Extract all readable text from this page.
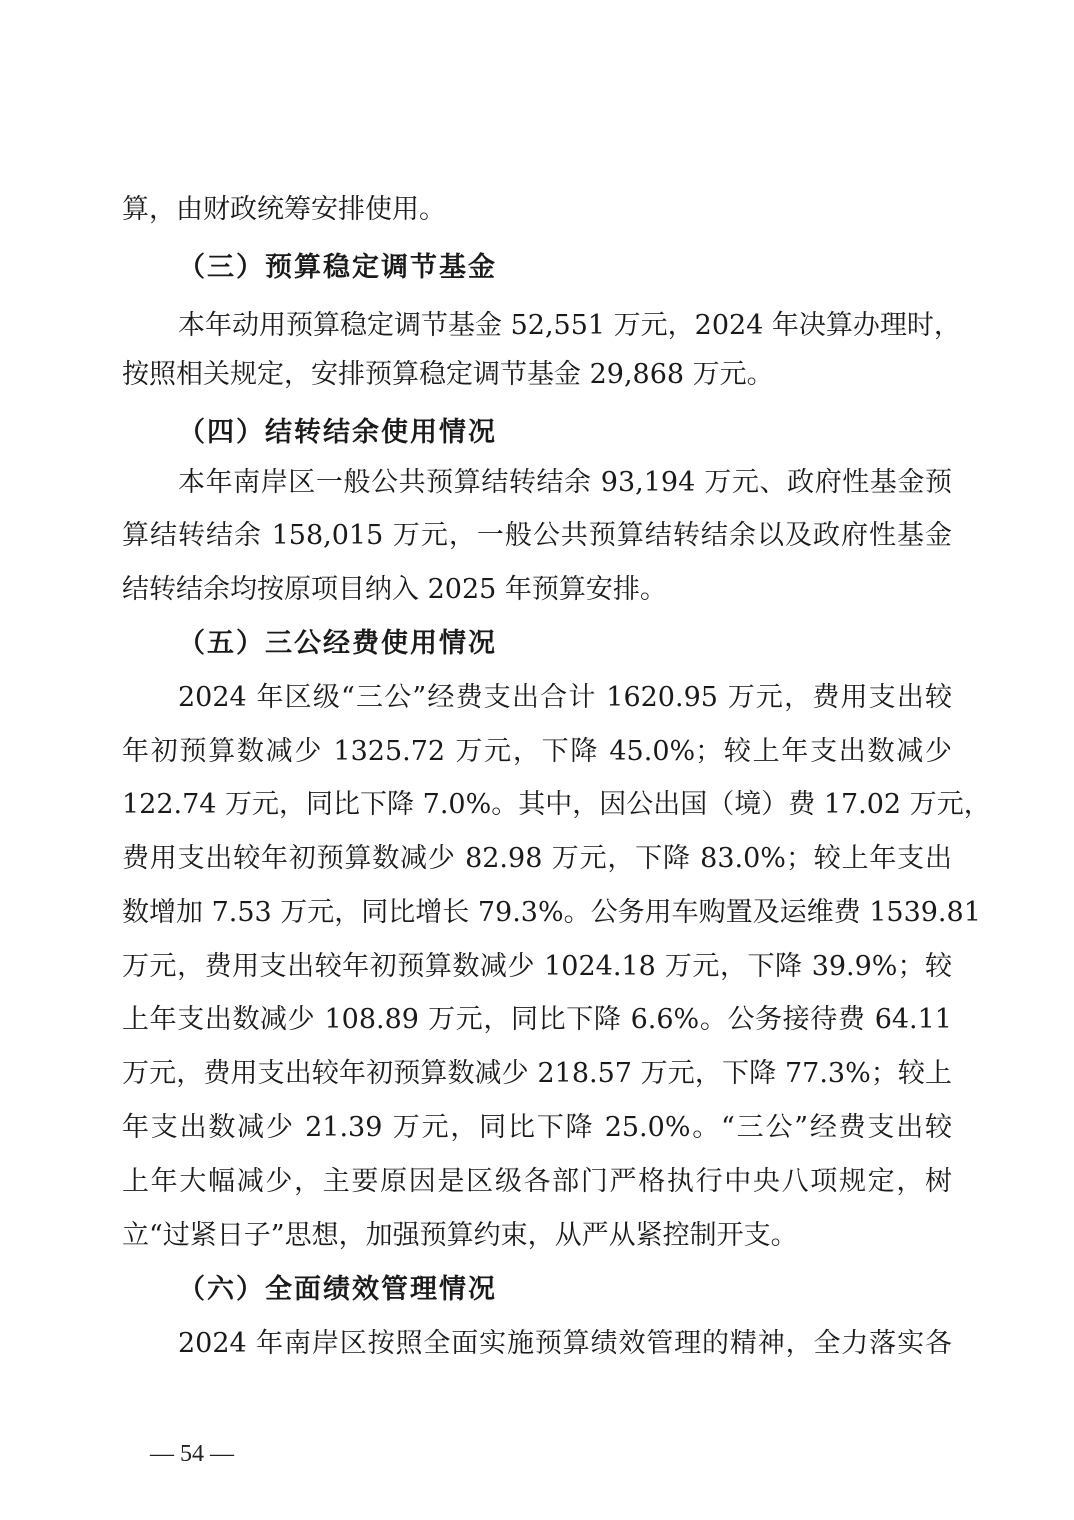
算，由财政统筹安排使用。
（三）预算稳定调节基金
本年动用预算稳定调节基金 52,551 万元，2024 年决算办理时，
按照相关规定，安排预算稳定调节基金 29,868 万元。
（四）结转结余使用情况
本年南岸区一般公共预算结转结余 93,194 万元、政府性基金预
算结转结余 158,015 万元，一般公共预算结转结余以及政府性基金
结转结余均按原项目纳入 2025 年预算安排。
（五）三公经费使用情况
2024 年区级“三公”经费支出合计 1620.95 万元，费用支出较
年初预算数减少 1325.72 万元，下降 45.0%；较上年支出数减少
122.74 万元，同比下降 7.0%。其中，因公出国（境）费 17.02 万元，
费用支出较年初预算数减少 82.98 万元，下降 83.0%；较上年支出
数增加 7.53 万元，同比增长 79.3%。公务用车购置及运维费 1539.81
万元，费用支出较年初预算数减少 1024.18 万元，下降 39.9%；较
上年支出数减少 108.89 万元，同比下降 6.6%。公务接待费 64.11
万元，费用支出较年初预算数减少 218.57 万元，下降 77.3%；较上
年支出数减少 21.39 万元，同比下降 25.0%。“三公”经费支出较
上年大幅减少，主要原因是区级各部门严格执行中央八项规定，树
立“过紧日子”思想，加强预算约束，从严从紧控制开支。
（六）全面绩效管理情况
2024 年南岸区按照全面实施预算绩效管理的精神，全力落实各
— 54 —
